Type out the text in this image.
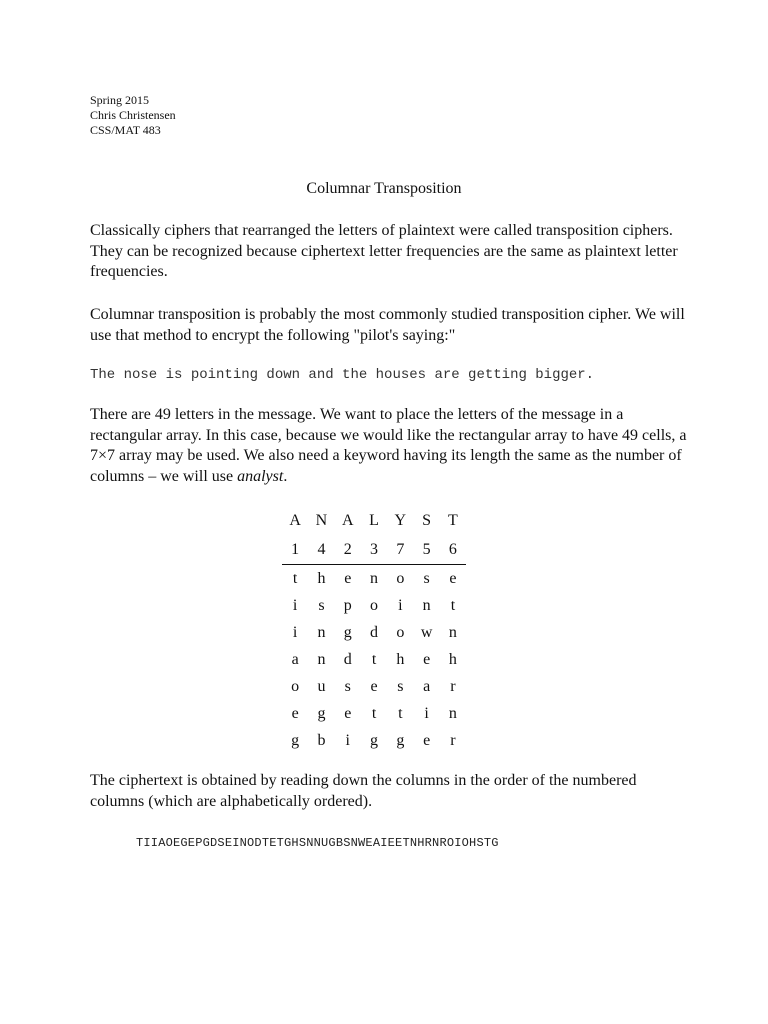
Spring 2015
Chris Christensen
CSS/MAT 483
Columnar Transposition

Classically ciphers that rearranged the letters of plaintext were called transposition ciphers. They can be recognized because ciphertext letter frequencies are the same as plaintext letter frequencies.

Columnar transposition is probably the most commonly studied transposition cipher. We will use that method to encrypt the following "pilot's saying:"

The nose is pointing down and the houses are getting bigger.

There are 49 letters in the message. We want to place the letters of the message in a rectangular array. In this case, because we would like the rectangular array to have 49 cells, a 7×7 array may be used. We also need a keyword having its length the same as the number of columns – we will use analyst.

A	N	A	L	Y	S	T
1	4	2	3	7	5	6
t	h	e	n	o	s	e
i	s	p	o	i	n	t
i	n	g	d	o	w	n
a	n	d	t	h	e	h
o	u	s	e	s	a	r
e	g	e	t	t	i	n
g	b	i	g	g	e	r

The ciphertext is obtained by reading down the columns in the order of the numbered columns (which are alphabetically ordered).

TIIAOEGEPGDSEINODTETGHSNNUGBSNWEAIEETNHRNROIOHSTG
